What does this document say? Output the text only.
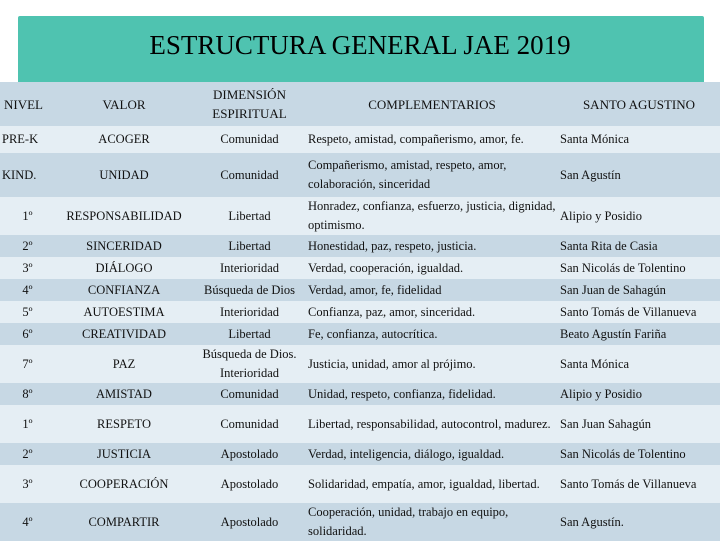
ESTRUCTURA GENERAL JAE 2019
NIVEL	VALOR	DIMENSIÓN ESPIRITUAL	COMPLEMENTARIOS	SANTO AGUSTINO
PRE-K	ACOGER	Comunidad	Respeto, amistad, compañerismo, amor, fe.	Santa Mónica
KIND.	UNIDAD	Comunidad	Compañerismo, amistad, respeto, amor, colaboración, sinceridad	San Agustín
1º	RESPONSABILIDAD	Libertad	Honradez, confianza, esfuerzo, justicia, dignidad, optimismo.	Alipio y Posidio
2º	SINCERIDAD	Libertad	Honestidad, paz, respeto, justicia.	Santa Rita de Casia
3º	DIÁLOGO	Interioridad	Verdad, cooperación, igualdad.	San Nicolás de Tolentino
4º	CONFIANZA	Búsqueda de Dios	Verdad, amor, fe, fidelidad	San Juan de Sahagún
5º	AUTOESTIMA	Interioridad	Confianza, paz, amor, sinceridad.	Santo Tomás de Villanueva
6º	CREATIVIDAD	Libertad	Fe, confianza, autocrítica.	Beato Agustín Fariña
7º	PAZ	Búsqueda de Dios. Interioridad	Justicia, unidad, amor al prójimo.	Santa Mónica
8º	AMISTAD	Comunidad	Unidad, respeto, confianza, fidelidad.	Alipio y Posidio
1º	RESPETO	Comunidad	Libertad, responsabilidad, autocontrol, madurez.	San Juan Sahagún
2º	JUSTICIA	Apostolado	Verdad, inteligencia, diálogo, igualdad.	San Nicolás de Tolentino
3º	COOPERACIÓN	Apostolado	Solidaridad, empatía, amor, igualdad, libertad.	Santo Tomás de Villanueva
4º	COMPARTIR	Apostolado	Cooperación, unidad, trabajo en equipo, solidaridad.	San Agustín.
